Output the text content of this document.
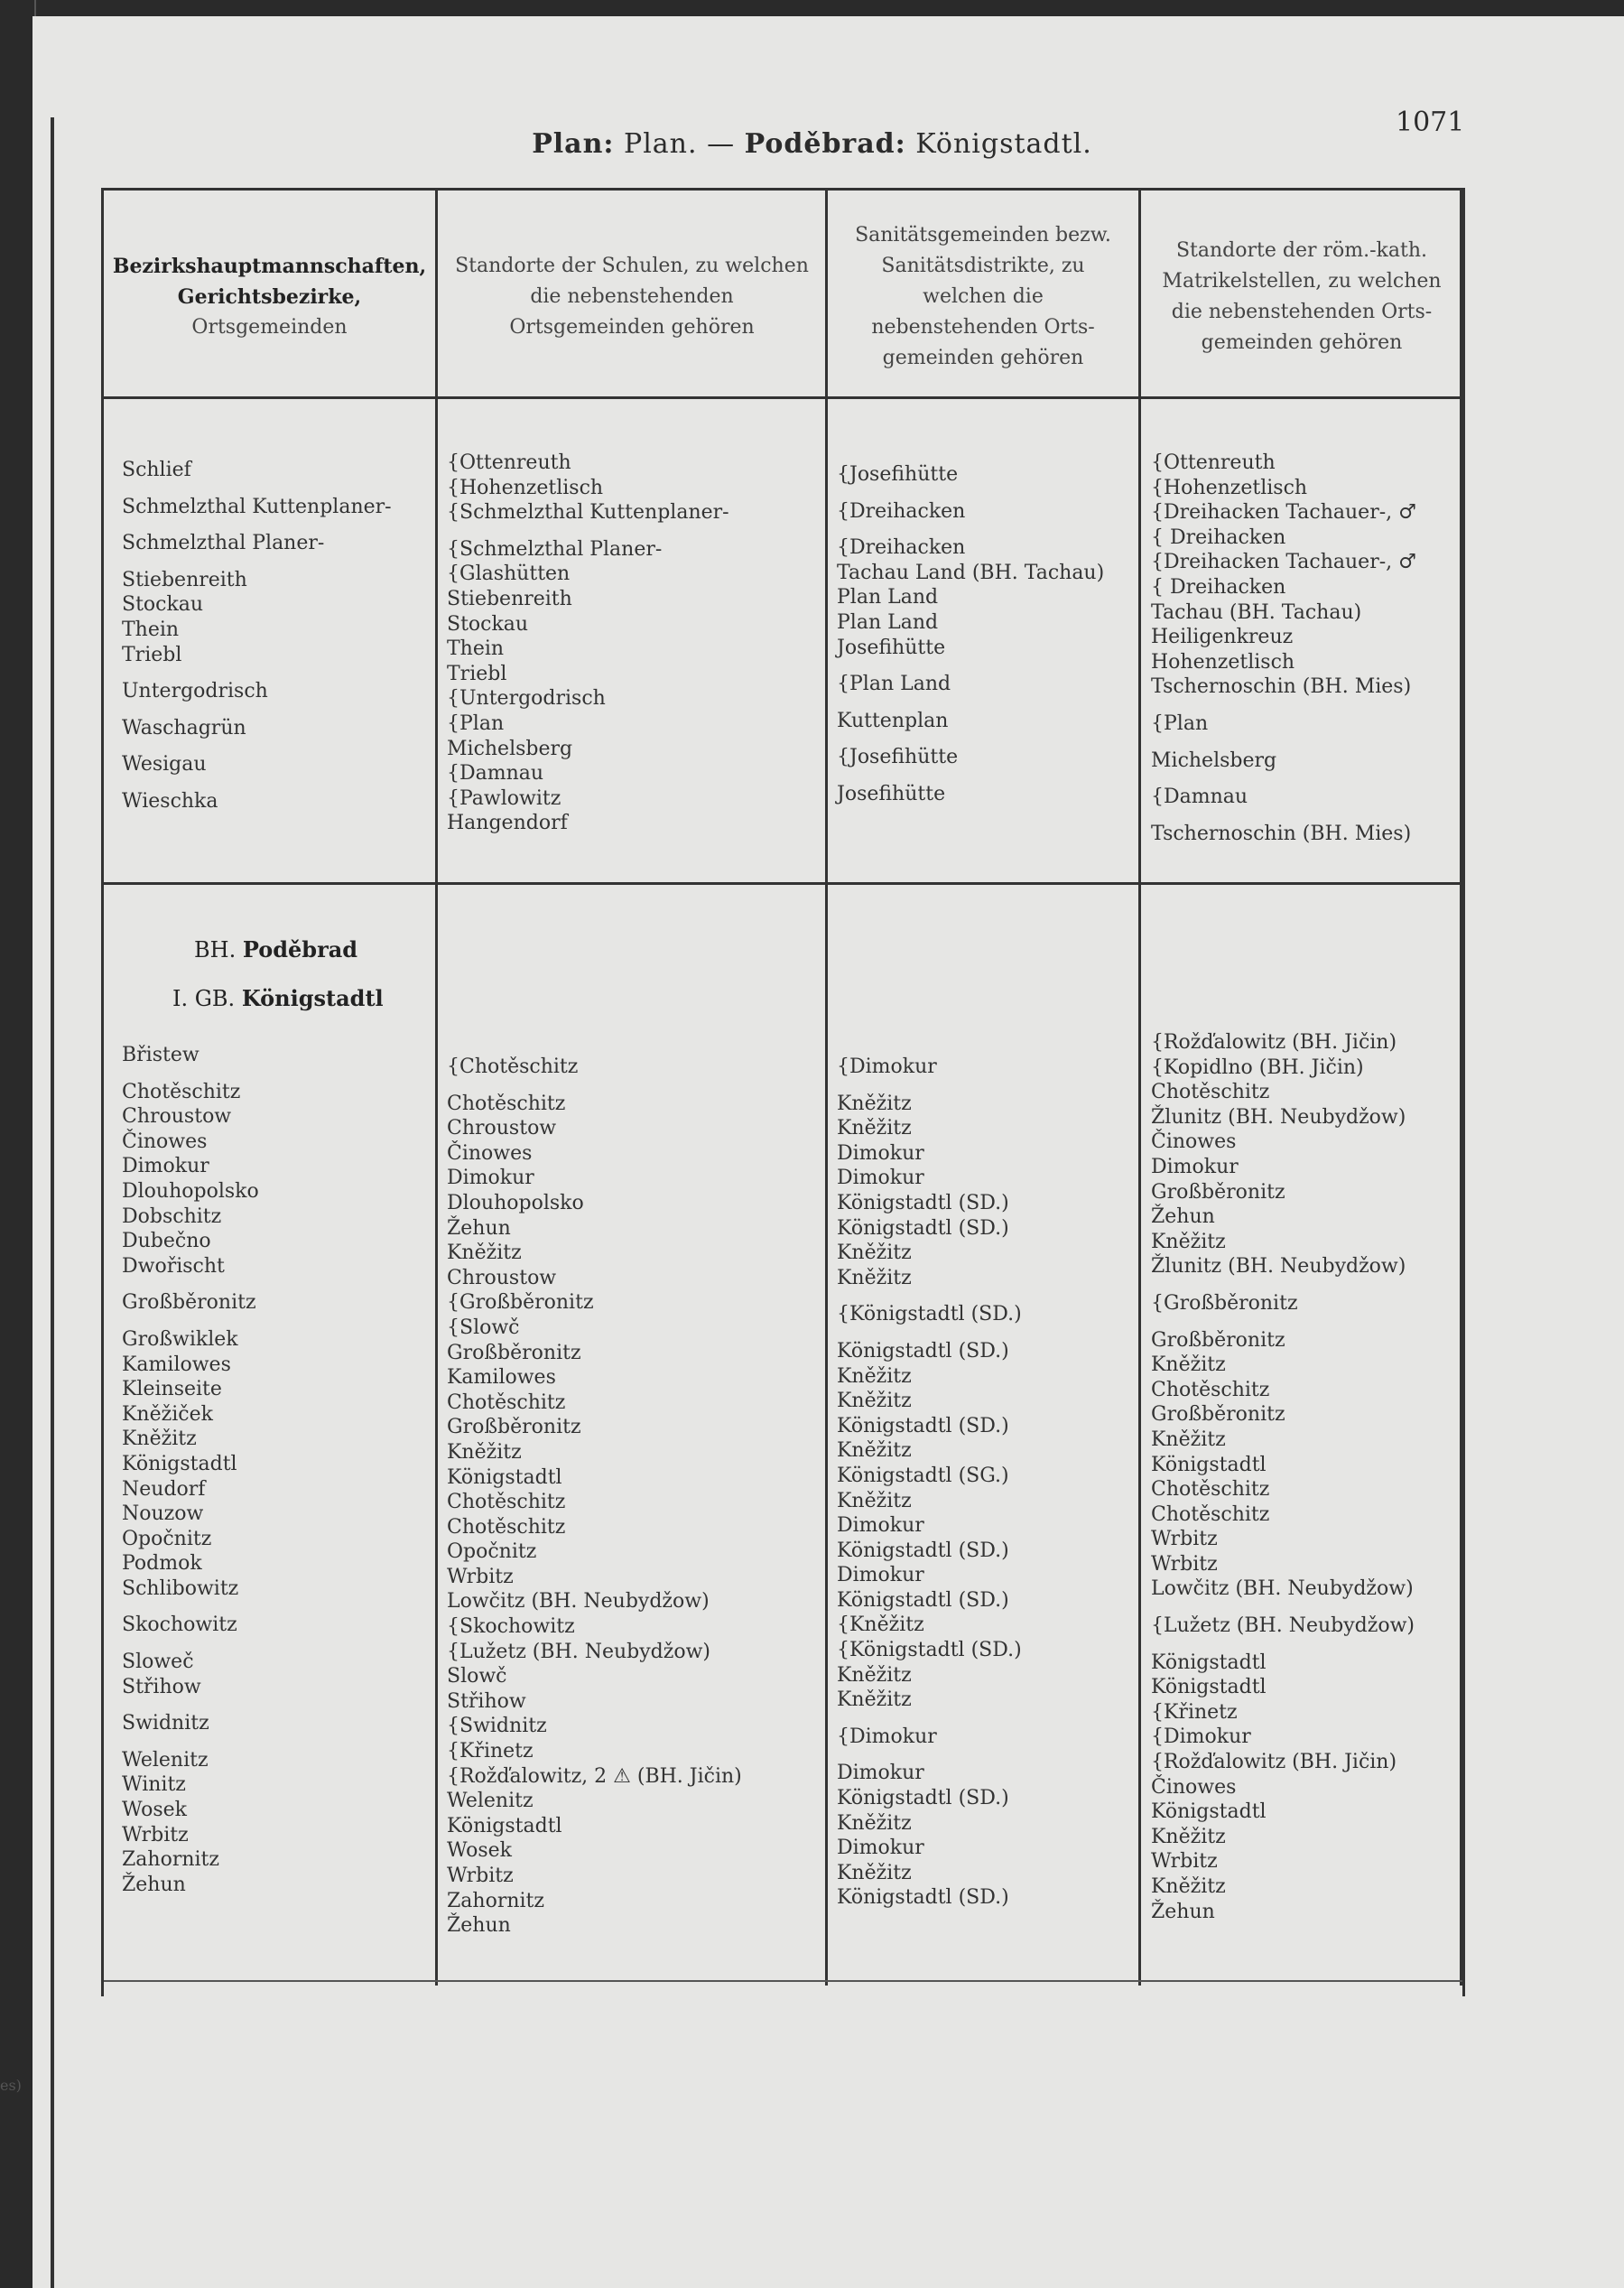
es)
Plan: Plan. — Poděbrad: Königstadtl.
1071
Bezirkshauptmannschaften,
Gerichtsbezirke,
Ortsgemeinden
Standorte der Schulen, zu welchen die nebenstehenden Ortsgemeinden gehören
Sanitätsgemeinden bezw. Sanitätsdistrikte, zu welchen die nebenstehenden Orts- gemeinden gehören
Standorte der röm.-kath. Matrikelstellen, zu welchen die nebenstehenden Orts- gemeinden gehören
Schlief
Schmelzthal Kuttenplaner-
Schmelzthal Planer-
Stiebenreith
Stockau
Thein
Triebl
Untergodrisch
Waschagrün
Wesigau
Wieschka
{Ottenreuth
{Hohenzetlisch
{Schmelzthal Kuttenplaner-
{Schmelzthal Planer-
{Glashütten
Stiebenreith
Stockau
Thein
Triebl
{Untergodrisch
{Plan
Michelsberg
{Damnau
{Pawlowitz
Hangendorf
{Josefihütte
{Dreihacken
{Dreihacken
Tachau Land (BH. Tachau)
Plan Land
Plan Land
Josefihütte
{Plan Land
Kuttenplan
{Josefihütte
Josefihütte
{Ottenreuth
{Hohenzetlisch
{Dreihacken Tachauer-, ♂
{ Dreihacken
{Dreihacken Tachauer-, ♂
{ Dreihacken
Tachau (BH. Tachau)
Heiligenkreuz
Hohenzetlisch
Tschernoschin (BH. Mies)
{Plan
Michelsberg
{Damnau
Tschernoschin (BH. Mies)
BH. Poděbrad
I. GB. Königstadtl
Břistew
Chotěschitz
Chroustow
Činowes
Dimokur
Dlouhopolsko
Dobschitz
Dubečno
Dwořischt
Großběronitz
Großwiklek
Kamilowes
Kleinseite
Kněžiček
Kněžitz
Königstadtl
Neudorf
Nouzow
Opočnitz
Podmok
Schlibowitz
Skochowitz
Sloweč
Střihow
Swidnitz
Welenitz
Winitz
Wosek
Wrbitz
Zahornitz
Žehun
{Chotěschitz
Chotěschitz
Chroustow
Činowes
Dimokur
Dlouhopolsko
Žehun
Kněžitz
Chroustow
{Großběronitz
{Slowč
Großběronitz
Kamilowes
Chotěschitz
Großběronitz
Kněžitz
Königstadtl
Chotěschitz
Chotěschitz
Opočnitz
Wrbitz
Lowčitz (BH. Neubydžow)
{Skochowitz
{Lužetz (BH. Neubydžow)
Slowč
Střihow
{Swidnitz
{Křinetz
{Rožďalowitz, 2 ⚠ (BH. Jičin)
Welenitz
Königstadtl
Wosek
Wrbitz
Zahornitz
Žehun
{Dimokur
Kněžitz
Kněžitz
Dimokur
Dimokur
Königstadtl (SD.)
Königstadtl (SD.)
Kněžitz
Kněžitz
{Königstadtl (SD.)
Königstadtl (SD.)
Kněžitz
Kněžitz
Königstadtl (SD.)
Kněžitz
Königstadtl (SG.)
Kněžitz
Dimokur
Königstadtl (SD.)
Dimokur
Königstadtl (SD.)
{Kněžitz
{Königstadtl (SD.)
Kněžitz
Kněžitz
{Dimokur
Dimokur
Königstadtl (SD.)
Kněžitz
Dimokur
Kněžitz
Königstadtl (SD.)
{Rožďalowitz (BH. Jičin)
{Kopidlno (BH. Jičin)
Chotěschitz
Žlunitz (BH. Neubydžow)
Činowes
Dimokur
Großběronitz
Žehun
Kněžitz
Žlunitz (BH. Neubydžow)
{Großběronitz
Großběronitz
Kněžitz
Chotěschitz
Großběronitz
Kněžitz
Königstadtl
Chotěschitz
Chotěschitz
Wrbitz
Wrbitz
Lowčitz (BH. Neubydžow)
{Lužetz (BH. Neubydžow)
Königstadtl
Königstadtl
{Křinetz
{Dimokur
{Rožďalowitz (BH. Jičin)
Činowes
Königstadtl
Kněžitz
Wrbitz
Kněžitz
Žehun
